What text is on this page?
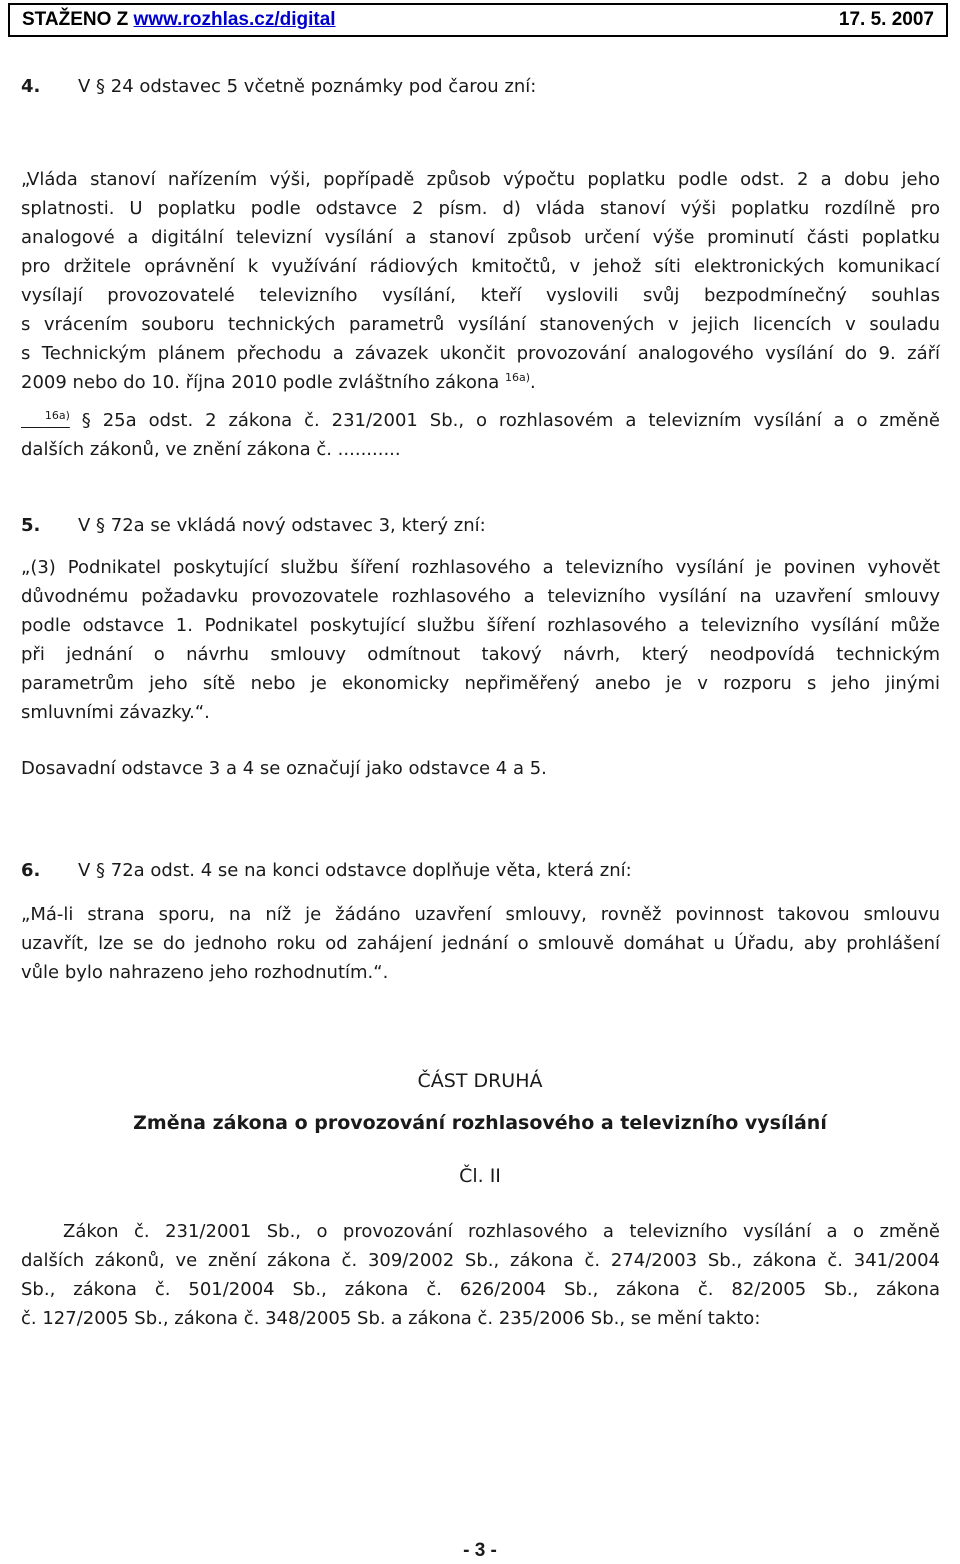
STAŽENO Z www.rozhlas.cz/digital	17. 5. 2007
4.	V § 24 odstavec 5 včetně poznámky pod čarou zní:
„Vláda stanoví nařízením výši, popřípadě způsob výpočtu poplatku podle odst. 2 a dobu jeho
splatnosti. U poplatku podle odstavce 2 písm. d) vláda stanoví výši poplatku rozdílně pro
analogové a digitální televizní vysílání a stanoví způsob určení výše prominutí části poplatku
pro držitele oprávnění k využívání rádiových kmitočtů, v jehož síti elektronických komunikací
vysílají provozovatelé televizního vysílání, kteří vyslovili svůj bezpodmínečný souhlas
s vrácením souboru technických parametrů vysílání stanovených v jejich licencích v souladu
s Technickým plánem přechodu a závazek ukončit provozování analogového vysílání do 9. září
2009 nebo do 10. října 2010 podle zvláštního zákona $^{16a)}$.
$^{16a)}$ § 25a odst. 2 zákona č. 231/2001 Sb., o rozhlasovém a televizním vysílání a o změně
dalších zákonů, ve znění zákona č. ...........
5.	V § 72a se vkládá nový odstavec 3, který zní:
„(3) Podnikatel poskytující službu šíření rozhlasového a televizního vysílání je povinen vyhovět
důvodnému požadavku provozovatele rozhlasového a televizního vysílání na uzavření smlouvy
podle odstavce 1. Podnikatel poskytující službu šíření rozhlasového a televizního vysílání může
při jednání o návrhu smlouvy odmítnout takový návrh, který neodpovídá technickým
parametrům jeho sítě nebo je ekonomicky nepřiměřený anebo je v rozporu s jeho jinými
smluvními závazky.“.
Dosavadní odstavce 3 a 4 se označují jako odstavce 4 a 5.
6.	V § 72a odst. 4 se na konci odstavce doplňuje věta, která zní:
„Má-li strana sporu, na níž je žádáno uzavření smlouvy, rovněž povinnost takovou smlouvu
uzavřít, lze se do jednoho roku od zahájení jednání o smlouvě domáhat u Úřadu, aby prohlášení
vůle bylo nahrazeno jeho rozhodnutím.“.
ČÁST DRUHÁ
Změna zákona o provozování rozhlasového a televizního vysílání
Čl. II
Zákon č. 231/2001 Sb., o provozování rozhlasového a televizního vysílání a o změně
dalších zákonů, ve znění zákona č. 309/2002 Sb., zákona č. 274/2003 Sb., zákona č. 341/2004
Sb., zákona č. 501/2004 Sb., zákona č. 626/2004 Sb., zákona č. 82/2005 Sb., zákona
č. 127/2005 Sb., zákona č. 348/2005 Sb. a zákona č. 235/2006 Sb., se mění takto:
- 3 -
